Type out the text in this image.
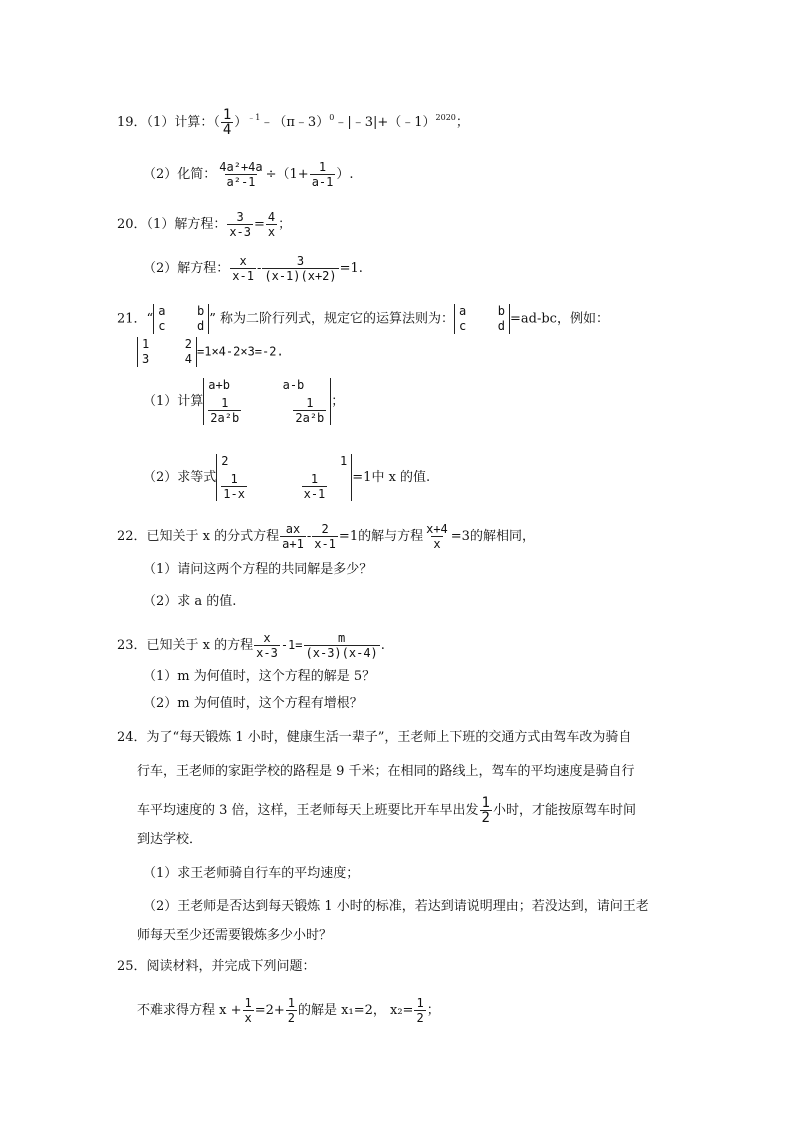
19．（1）计算：（ $\frac{1}{4}$ ）$^{﹣1}$﹣（π﹣3）$^0$﹣|﹣3|+（﹣1）$^{2020}$；
（2）化简： $\frac{\text{4a²+4a}}{\text{a²-1}} \div(1+ \frac{1}{a-1}$ ）.
20．（1）解方程： $\frac{3}{x-3} = \frac{4}{x}$ ；
（2）解方程： $\frac{x}{x-1} - \frac{3}{(x-1)(x+2)} =1$.
21．“
a	b
c	d ” 称为二阶行列式，规定它的运算法则为：
a	b
c	d =ad-bc，例如：
1	2
3	4
=1×4-2×3=-2.
（1）计算
a+b	a-b
$\frac{1}{\text{2a²b}}$	$\frac{1}{\text{2a²b}}$ ；
（2）求等式
2	1
$\frac{1}{1-x}$	$\frac{1}{x-1} =1$中 x 的值.
22．已知关于 x 的分式方程 $\frac{ax}{a+1} - \frac{2}{x-1} =1$的解与方程 $\frac{x+4}{x} =3$的解相同，
（1）请问这两个方程的共同解是多少？
（2）求 a 的值.
23．已知关于 x 的方程 $\frac{x}{x-3} -1= \frac{m}{(x-3)(x-4)}$ .
（1）m 为何值时，这个方程的解是 5？
（2）m 为何值时，这个方程有增根？
24．为了“每天锻炼 1 小时，健康生活一辈子”，王老师上下班的交通方式由驾车改为骑自
行车，王老师的家距学校的路程是 9 千米；在相同的路线上，驾车的平均速度是骑自行
车平均速度的 3 倍，这样，王老师每天上班要比开车早出发 $\frac{1}{2}$ 小时，才能按原驾车时间
到达学校．
（1）求王老师骑自行车的平均速度；
（2）王老师是否达到每天锻炼 1 小时的标准，若达到请说明理由；若没达到，请问王老
师每天至少还需要锻炼多少小时？
25．阅读材料，并完成下列问题：
不难求得方程 $x + \frac{1}{x} =2+ \frac{1}{2}$ 的解是 x₁=2， $x_2= \frac{1}{2}$ ；
